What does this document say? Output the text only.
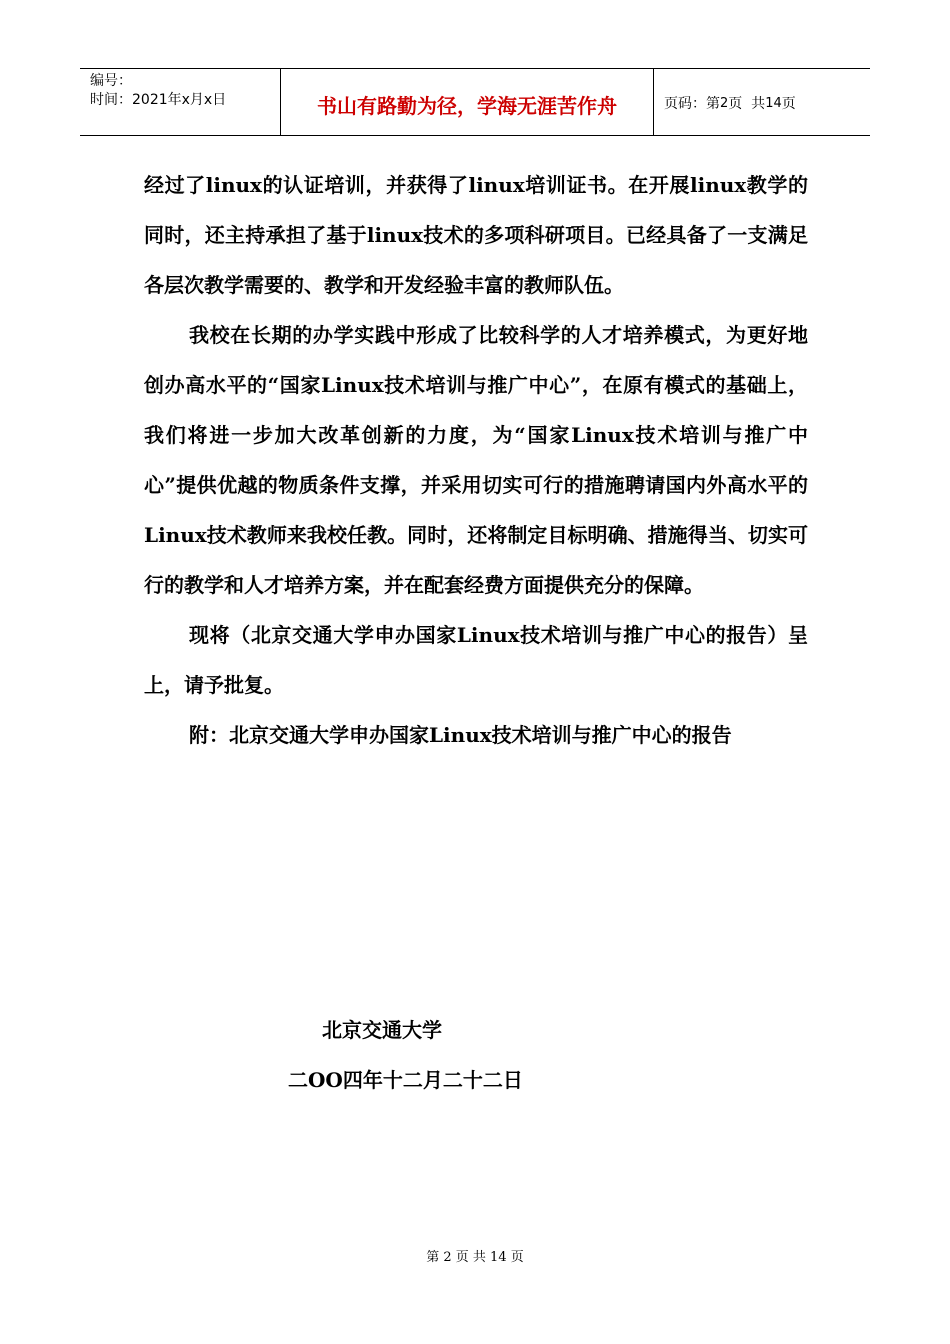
编号：
时间：2021年x月x日	书山有路勤为径，学海无涯苦作舟	页码：第 2 页  共 14 页

经过了linux的认证培训，并获得了linux培训证书。在开展linux教学的同时，还主持承担了基于linux技术的多项科研项目。已经具备了一支满足各层次教学需要的、教学和开发经验丰富的教师队伍。

我校在长期的办学实践中形成了比较科学的人才培养模式，为更好地创办高水平的“国家Linux技术培训与推广中心”，在原有模式的基础上，我们将进一步加大改革创新的力度，为“国家Linux技术培训与推广中心”提供优越的物质条件支撑，并采用切实可行的措施聘请国内外高水平的Linux技术教师来我校任教。同时，还将制定目标明确、措施得当、切实可行的教学和人才培养方案，并在配套经费方面提供充分的保障。

现将（北京交通大学申办国家Linux技术培训与推广中心的报告）呈上，请予批复。

附：北京交通大学申办国家Linux技术培训与推广中心的报告

北京交通大学
二OO四年十二月二十二日
第 2 页 共 14 页
